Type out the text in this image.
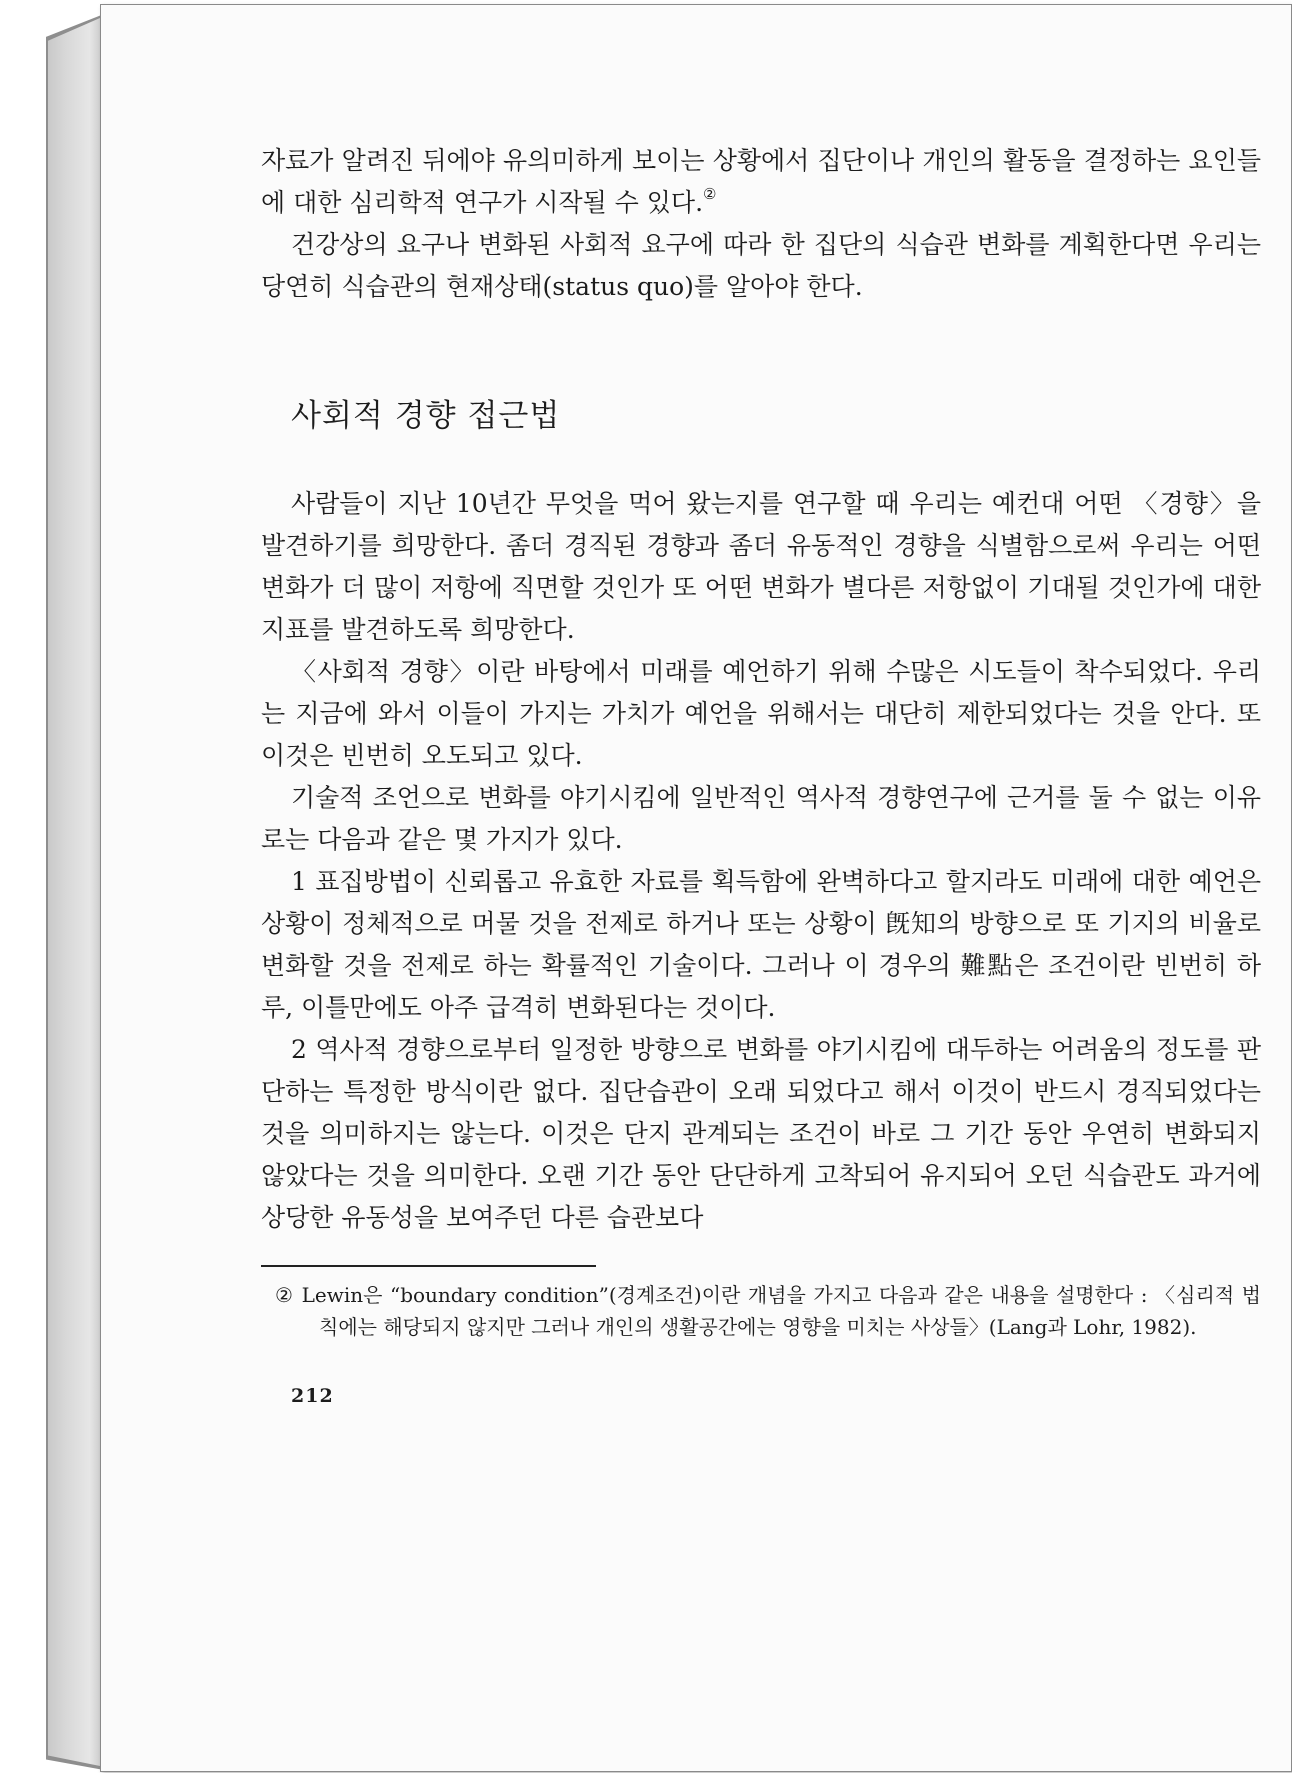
자료가 알려진 뒤에야 유의미하게 보이는 상황에서 집단이나 개인의 활동을 결정하는 요인들에 대한 심리학적 연구가 시작될 수 있다.②

건강상의 요구나 변화된 사회적 요구에 따라 한 집단의 식습관 변화를 계획한다면 우리는 당연히 식습관의 현재상태(status quo)를 알아야 한다.

사회적 경향 접근법

사람들이 지난 10년간 무엇을 먹어 왔는지를 연구할 때 우리는 예컨대 어떤 〈경향〉을 발견하기를 희망한다. 좀더 경직된 경향과 좀더 유동적인 경향을 식별함으로써 우리는 어떤 변화가 더 많이 저항에 직면할 것인가 또 어떤 변화가 별다른 저항없이 기대될 것인가에 대한 지표를 발견하도록 희망한다.

〈사회적 경향〉이란 바탕에서 미래를 예언하기 위해 수많은 시도들이 착수되었다. 우리는 지금에 와서 이들이 가지는 가치가 예언을 위해서는 대단히 제한되었다는 것을 안다. 또 이것은 빈번히 오도되고 있다.

기술적 조언으로 변화를 야기시킴에 일반적인 역사적 경향연구에 근거를 둘 수 없는 이유로는 다음과 같은 몇 가지가 있다.

1 표집방법이 신뢰롭고 유효한 자료를 획득함에 완벽하다고 할지라도 미래에 대한 예언은 상황이 정체적으로 머물 것을 전제로 하거나 또는 상황이 旣知의 방향으로 또 기지의 비율로 변화할 것을 전제로 하는 확률적인 기술이다. 그러나 이 경우의 難點은 조건이란 빈번히 하루, 이틀만에도 아주 급격히 변화된다는 것이다.

2 역사적 경향으로부터 일정한 방향으로 변화를 야기시킴에 대두하는 어려움의 정도를 판단하는 특정한 방식이란 없다. 집단습관이 오래 되었다고 해서 이것이 반드시 경직되었다는 것을 의미하지는 않는다. 이것은 단지 관계되는 조건이 바로 그 기간 동안 우연히 변화되지 않았다는 것을 의미한다. 오랜 기간 동안 단단하게 고착되어 유지되어 오던 식습관도 과거에 상당한 유동성을 보여주던 다른 습관보다

② Lewin은 “boundary condition”(경계조건)이란 개념을 가지고 다음과 같은 내용을 설명한다 : 〈심리적 법칙에는 해당되지 않지만 그러나 개인의 생활공간에는 영향을 미치는 사상들〉(Lang과 Lohr, 1982).

212
